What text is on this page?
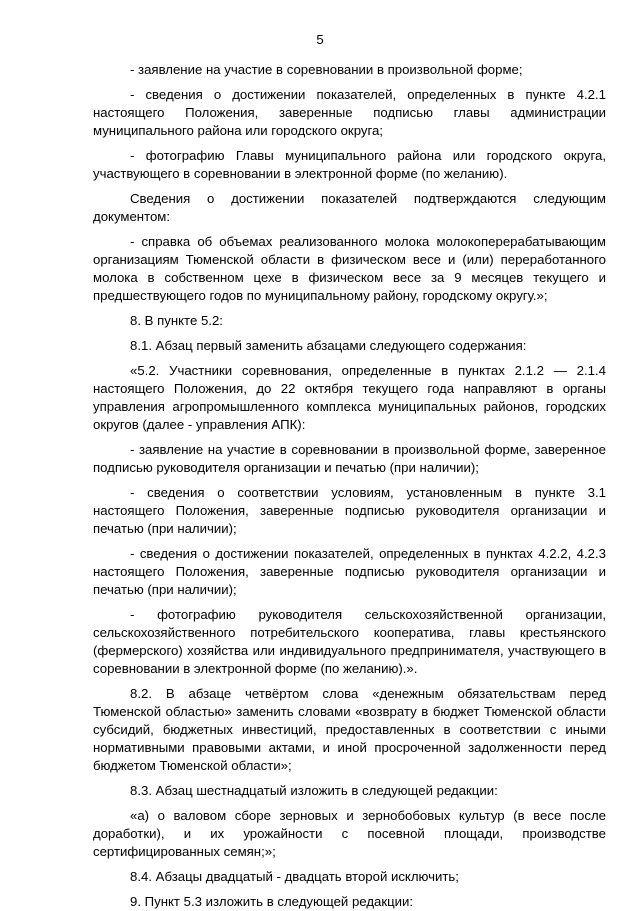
5

- заявление на участие в соревновании в произвольной форме;

- сведения о достижении показателей, определенных в пункте 4.2.1 настоящего Положения, заверенные подписью главы администрации муниципального района или городского округа;

- фотографию Главы муниципального района или городского округа, участвующего в соревновании в электронной форме (по желанию).

Сведения о достижении показателей подтверждаются следующим документом:

- справка об объемах реализованного молока молокоперерабатывающим организациям Тюменской области в физическом весе и (или) переработанного молока в собственном цехе в физическом весе за 9 месяцев текущего и предшествующего годов по муниципальному району, городскому округу.»;

8. В пункте 5.2:

8.1. Абзац первый заменить абзацами следующего содержания:

«5.2. Участники соревнования, определенные в пунктах 2.1.2 — 2.1.4 настоящего Положения, до 22 октября текущего года направляют в органы управления агропромышленного комплекса муниципальных районов, городских округов (далее - управления АПК):

- заявление на участие в соревновании в произвольной форме, заверенное подписью руководителя организации и печатью (при наличии);

- сведения о соответствии условиям, установленным в пункте 3.1 настоящего Положения, заверенные подписью руководителя организации и печатью (при наличии);

- сведения о достижении показателей, определенных в пунктах 4.2.2, 4.2.3 настоящего Положения, заверенные подписью руководителя организации и печатью (при наличии);

- фотографию руководителя сельскохозяйственной организации, сельскохозяйственного потребительского кооператива, главы крестьянского (фермерского) хозяйства или индивидуального предпринимателя, участвующего в соревновании в электронной форме (по желанию).».

8.2. В абзаце четвёртом слова «денежным обязательствам перед Тюменской областью» заменить словами «возврату в бюджет Тюменской области субсидий, бюджетных инвестиций, предоставленных в соответствии с иными нормативными правовыми актами, и иной просроченной задолженности перед бюджетом Тюменской области»;

8.3. Абзац шестнадцатый изложить в следующей редакции:

«а) о валовом сборе зерновых и зернобобовых культур (в весе после доработки), и их урожайности с посевной площади, производстве сертифицированных семян;»;

8.4. Абзацы двадцатый - двадцать второй исключить;

9. Пункт 5.3 изложить в следующей редакции:
